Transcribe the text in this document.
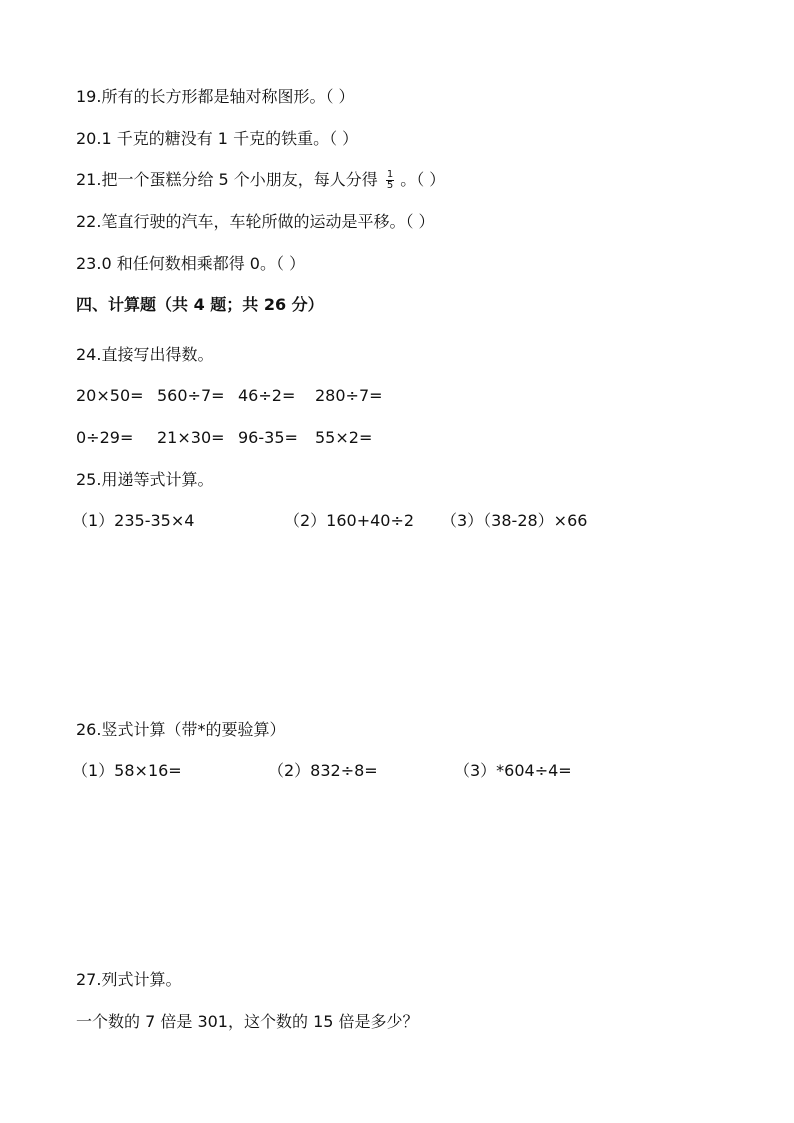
19.所有的长方形都是轴对称图形。（ ）
20.1 千克的糖没有 1 千克的铁重。（ ）
21.把一个蛋糕分给 5 个小朋友，每人分得 $\frac{1}{5}$ 。（ ）
22.笔直行驶的汽车，车轮所做的运动是平移。（ ）
23.0 和任何数相乘都得 0。（ ）
四、计算题（共 4 题；共 26 分）
24.直接写出得数。
20×50= 560÷7= 46÷2= 280÷7=
0÷29= 21×30= 96-35= 55×2=
25.用递等式计算。
（1）235-35×4	（2）160+40÷2 （3）（38-28）×66
26.竖式计算（带*的要验算）
（1）58×16=	（2）832÷8=	（3）*604÷4=
27.列式计算。
一个数的 7 倍是 301，这个数的 15 倍是多少？
